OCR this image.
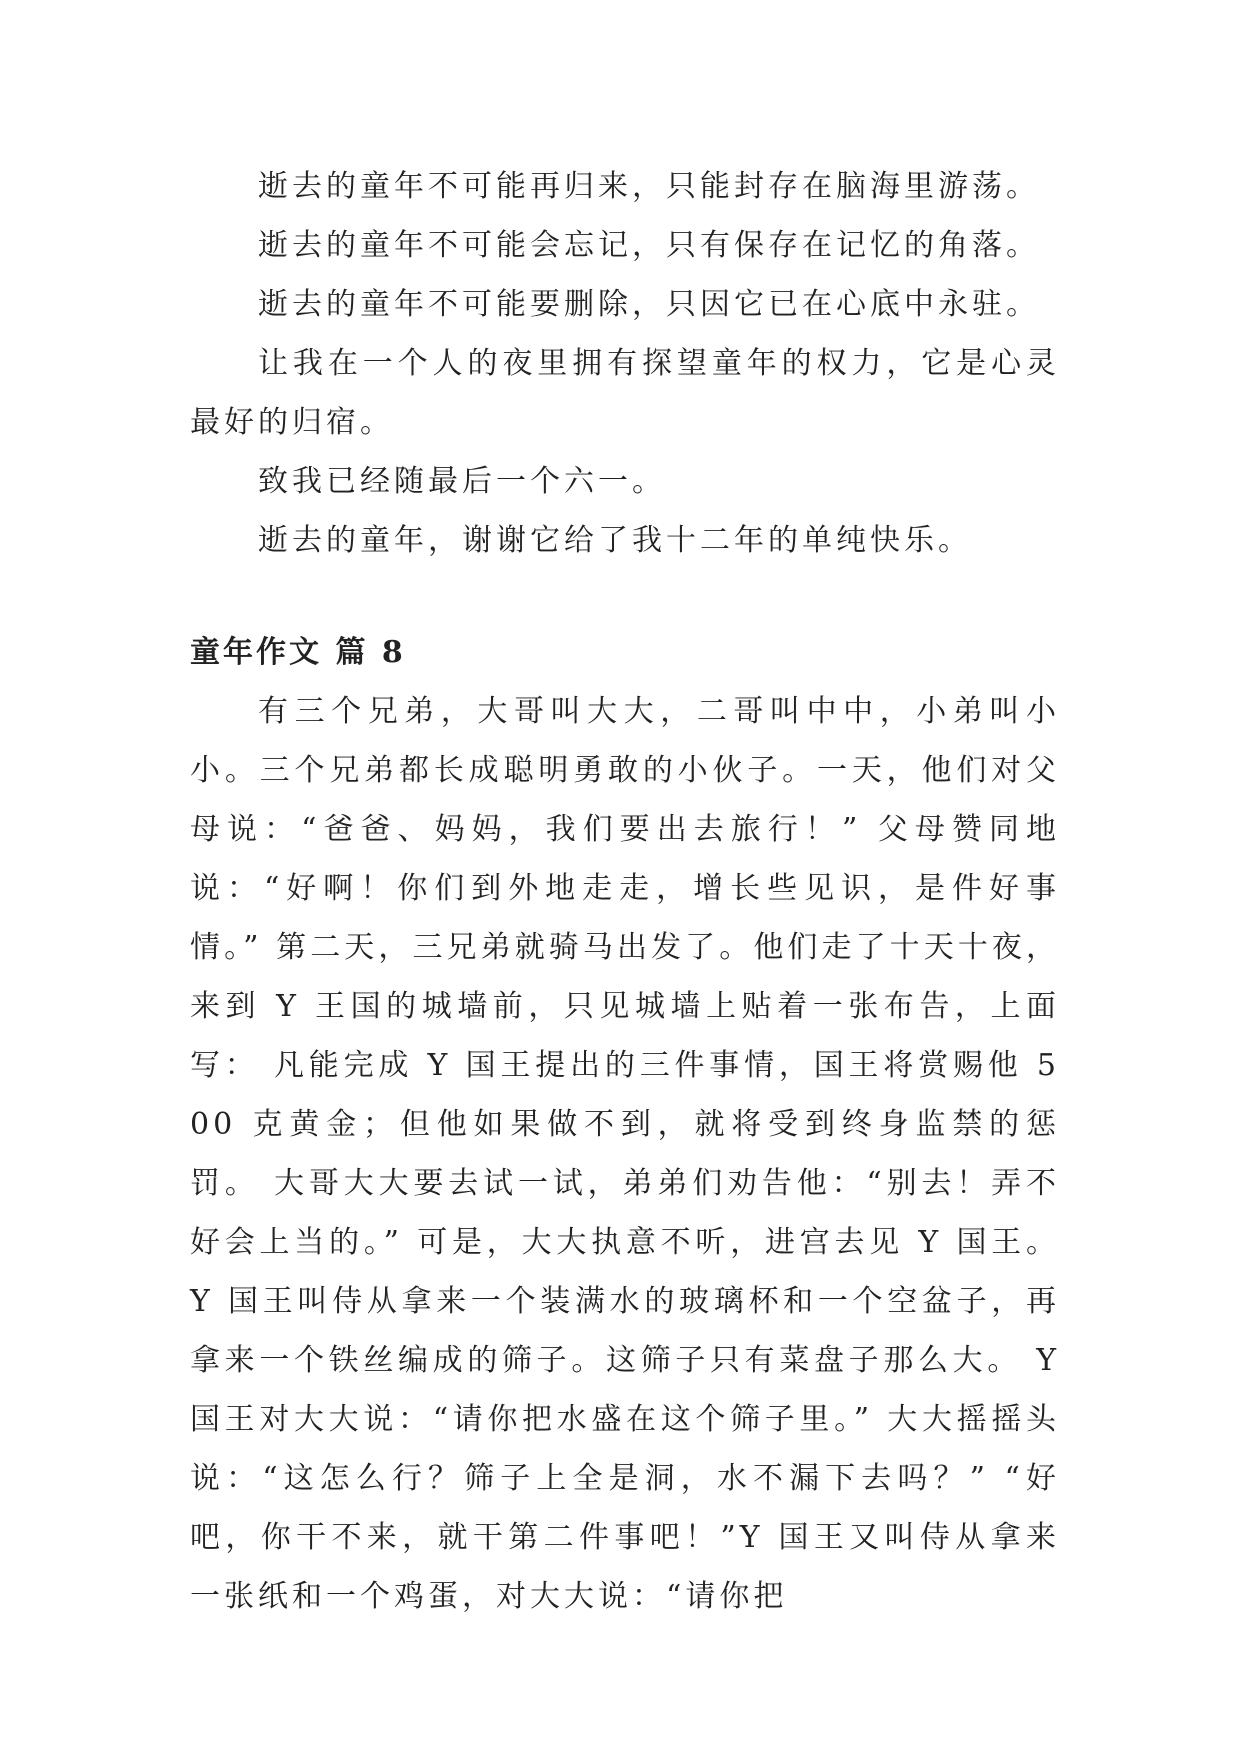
逝去的童年不可能再归来，只能封存在脑海里游荡。

逝去的童年不可能会忘记，只有保存在记忆的角落。

逝去的童年不可能要删除，只因它已在心底中永驻。

让我在一个人的夜里拥有探望童年的权力，它是心灵最好的归宿。

致我已经随最后一个六一。

逝去的童年，谢谢它给了我十二年的单纯快乐。

童年作文 篇 8

有三个兄弟，大哥叫大大，二哥叫中中，小弟叫小小。三个兄弟都长成聪明勇敢的小伙子。一天，他们对父母说：“爸爸、妈妈，我们要出去旅行！” 父母赞同地说：“好啊！你们到外地走走，增长些见识，是件好事情。” 第二天，三兄弟就骑马出发了。他们走了十天十夜，来到 Y 王国的城墙前，只见城墙上贴着一张布告，上面写： 凡能完成 Y 国王提出的三件事情，国王将赏赐他 500 克黄金；但他如果做不到，就将受到终身监禁的惩罚。 大哥大大要去试一试，弟弟们劝告他：“别去！弄不好会上当的。” 可是，大大执意不听，进宫去见 Y 国王。 Y 国王叫侍从拿来一个装满水的玻璃杯和一个空盆子，再拿来一个铁丝编成的筛子。这筛子只有菜盘子那么大。 Y 国王对大大说：“请你把水盛在这个筛子里。” 大大摇摇头说：“这怎么行？筛子上全是洞，水不漏下去吗？” “好吧，你干不来，就干第二件事吧！”Y 国王又叫侍从拿来一张纸和一个鸡蛋，对大大说：“请你把
